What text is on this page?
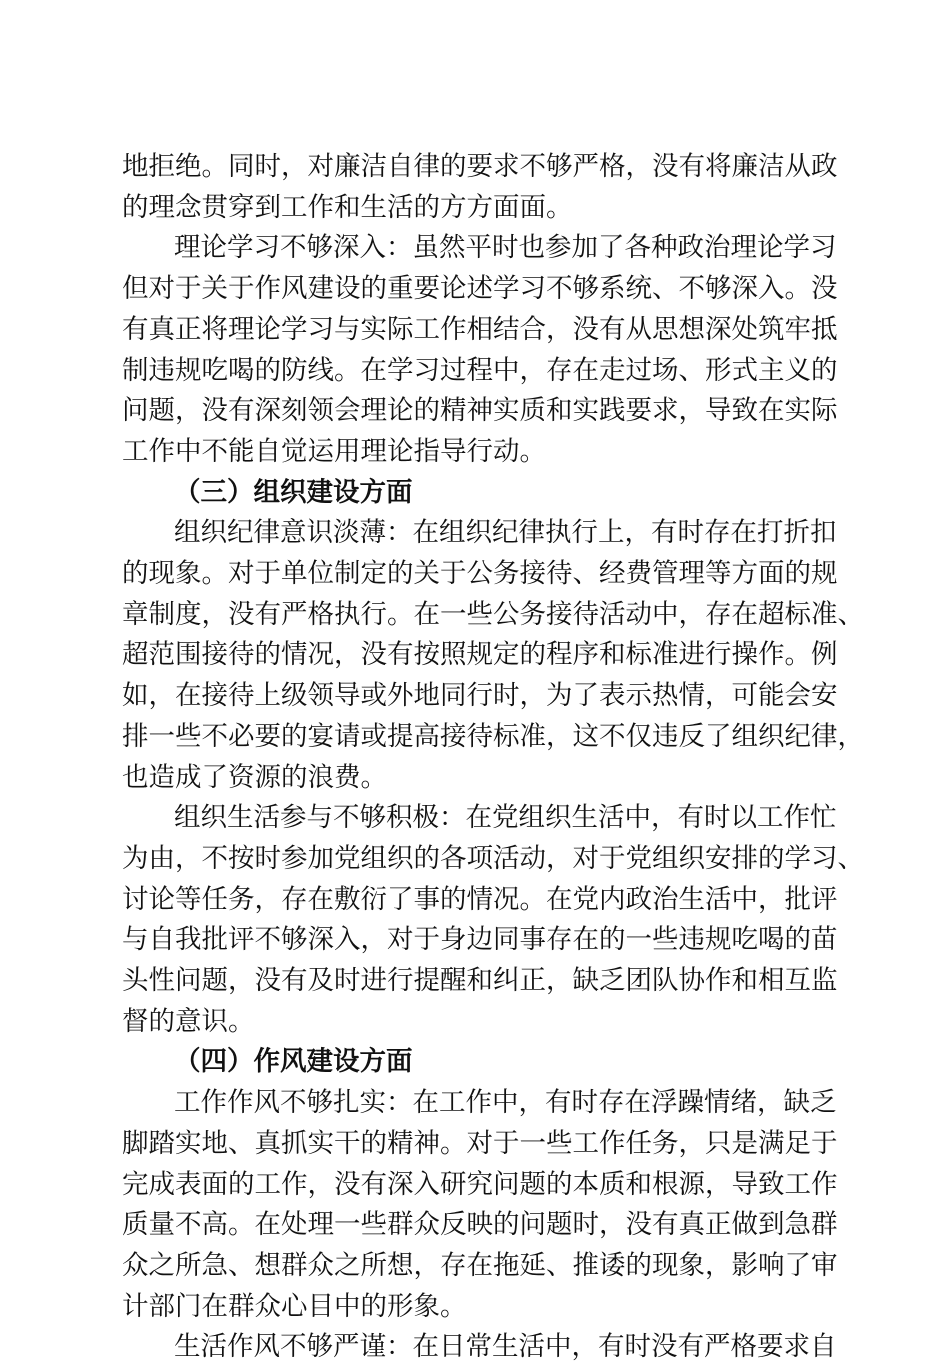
地拒绝。同时，对廉洁自律的要求不够严格，没有将廉洁从政
的理念贯穿到工作和生活的方方面面。
理论学习不够深入：虽然平时也参加了各种政治理论学习
但对于关于作风建设的重要论述学习不够系统、不够深入。没
有真正将理论学习与实际工作相结合，没有从思想深处筑牢抵
制违规吃喝的防线。在学习过程中，存在走过场、形式主义的
问题，没有深刻领会理论的精神实质和实践要求，导致在实际
工作中不能自觉运用理论指导行动。
（三）组织建设方面
组织纪律意识淡薄：在组织纪律执行上，有时存在打折扣
的现象。对于单位制定的关于公务接待、经费管理等方面的规
章制度，没有严格执行。在一些公务接待活动中，存在超标准、
超范围接待的情况，没有按照规定的程序和标准进行操作。例
如，在接待上级领导或外地同行时，为了表示热情，可能会安
排一些不必要的宴请或提高接待标准，这不仅违反了组织纪律，
也造成了资源的浪费。
组织生活参与不够积极：在党组织生活中，有时以工作忙
为由，不按时参加党组织的各项活动，对于党组织安排的学习、
讨论等任务，存在敷衍了事的情况。在党内政治生活中，批评
与自我批评不够深入，对于身边同事存在的一些违规吃喝的苗
头性问题，没有及时进行提醒和纠正，缺乏团队协作和相互监
督的意识。
（四）作风建设方面
工作作风不够扎实：在工作中，有时存在浮躁情绪，缺乏
脚踏实地、真抓实干的精神。对于一些工作任务，只是满足于
完成表面的工作，没有深入研究问题的本质和根源，导致工作
质量不高。在处理一些群众反映的问题时，没有真正做到急群
众之所急、想群众之所想，存在拖延、推诿的现象，影响了审
计部门在群众心目中的形象。
生活作风不够严谨：在日常生活中，有时没有严格要求自
